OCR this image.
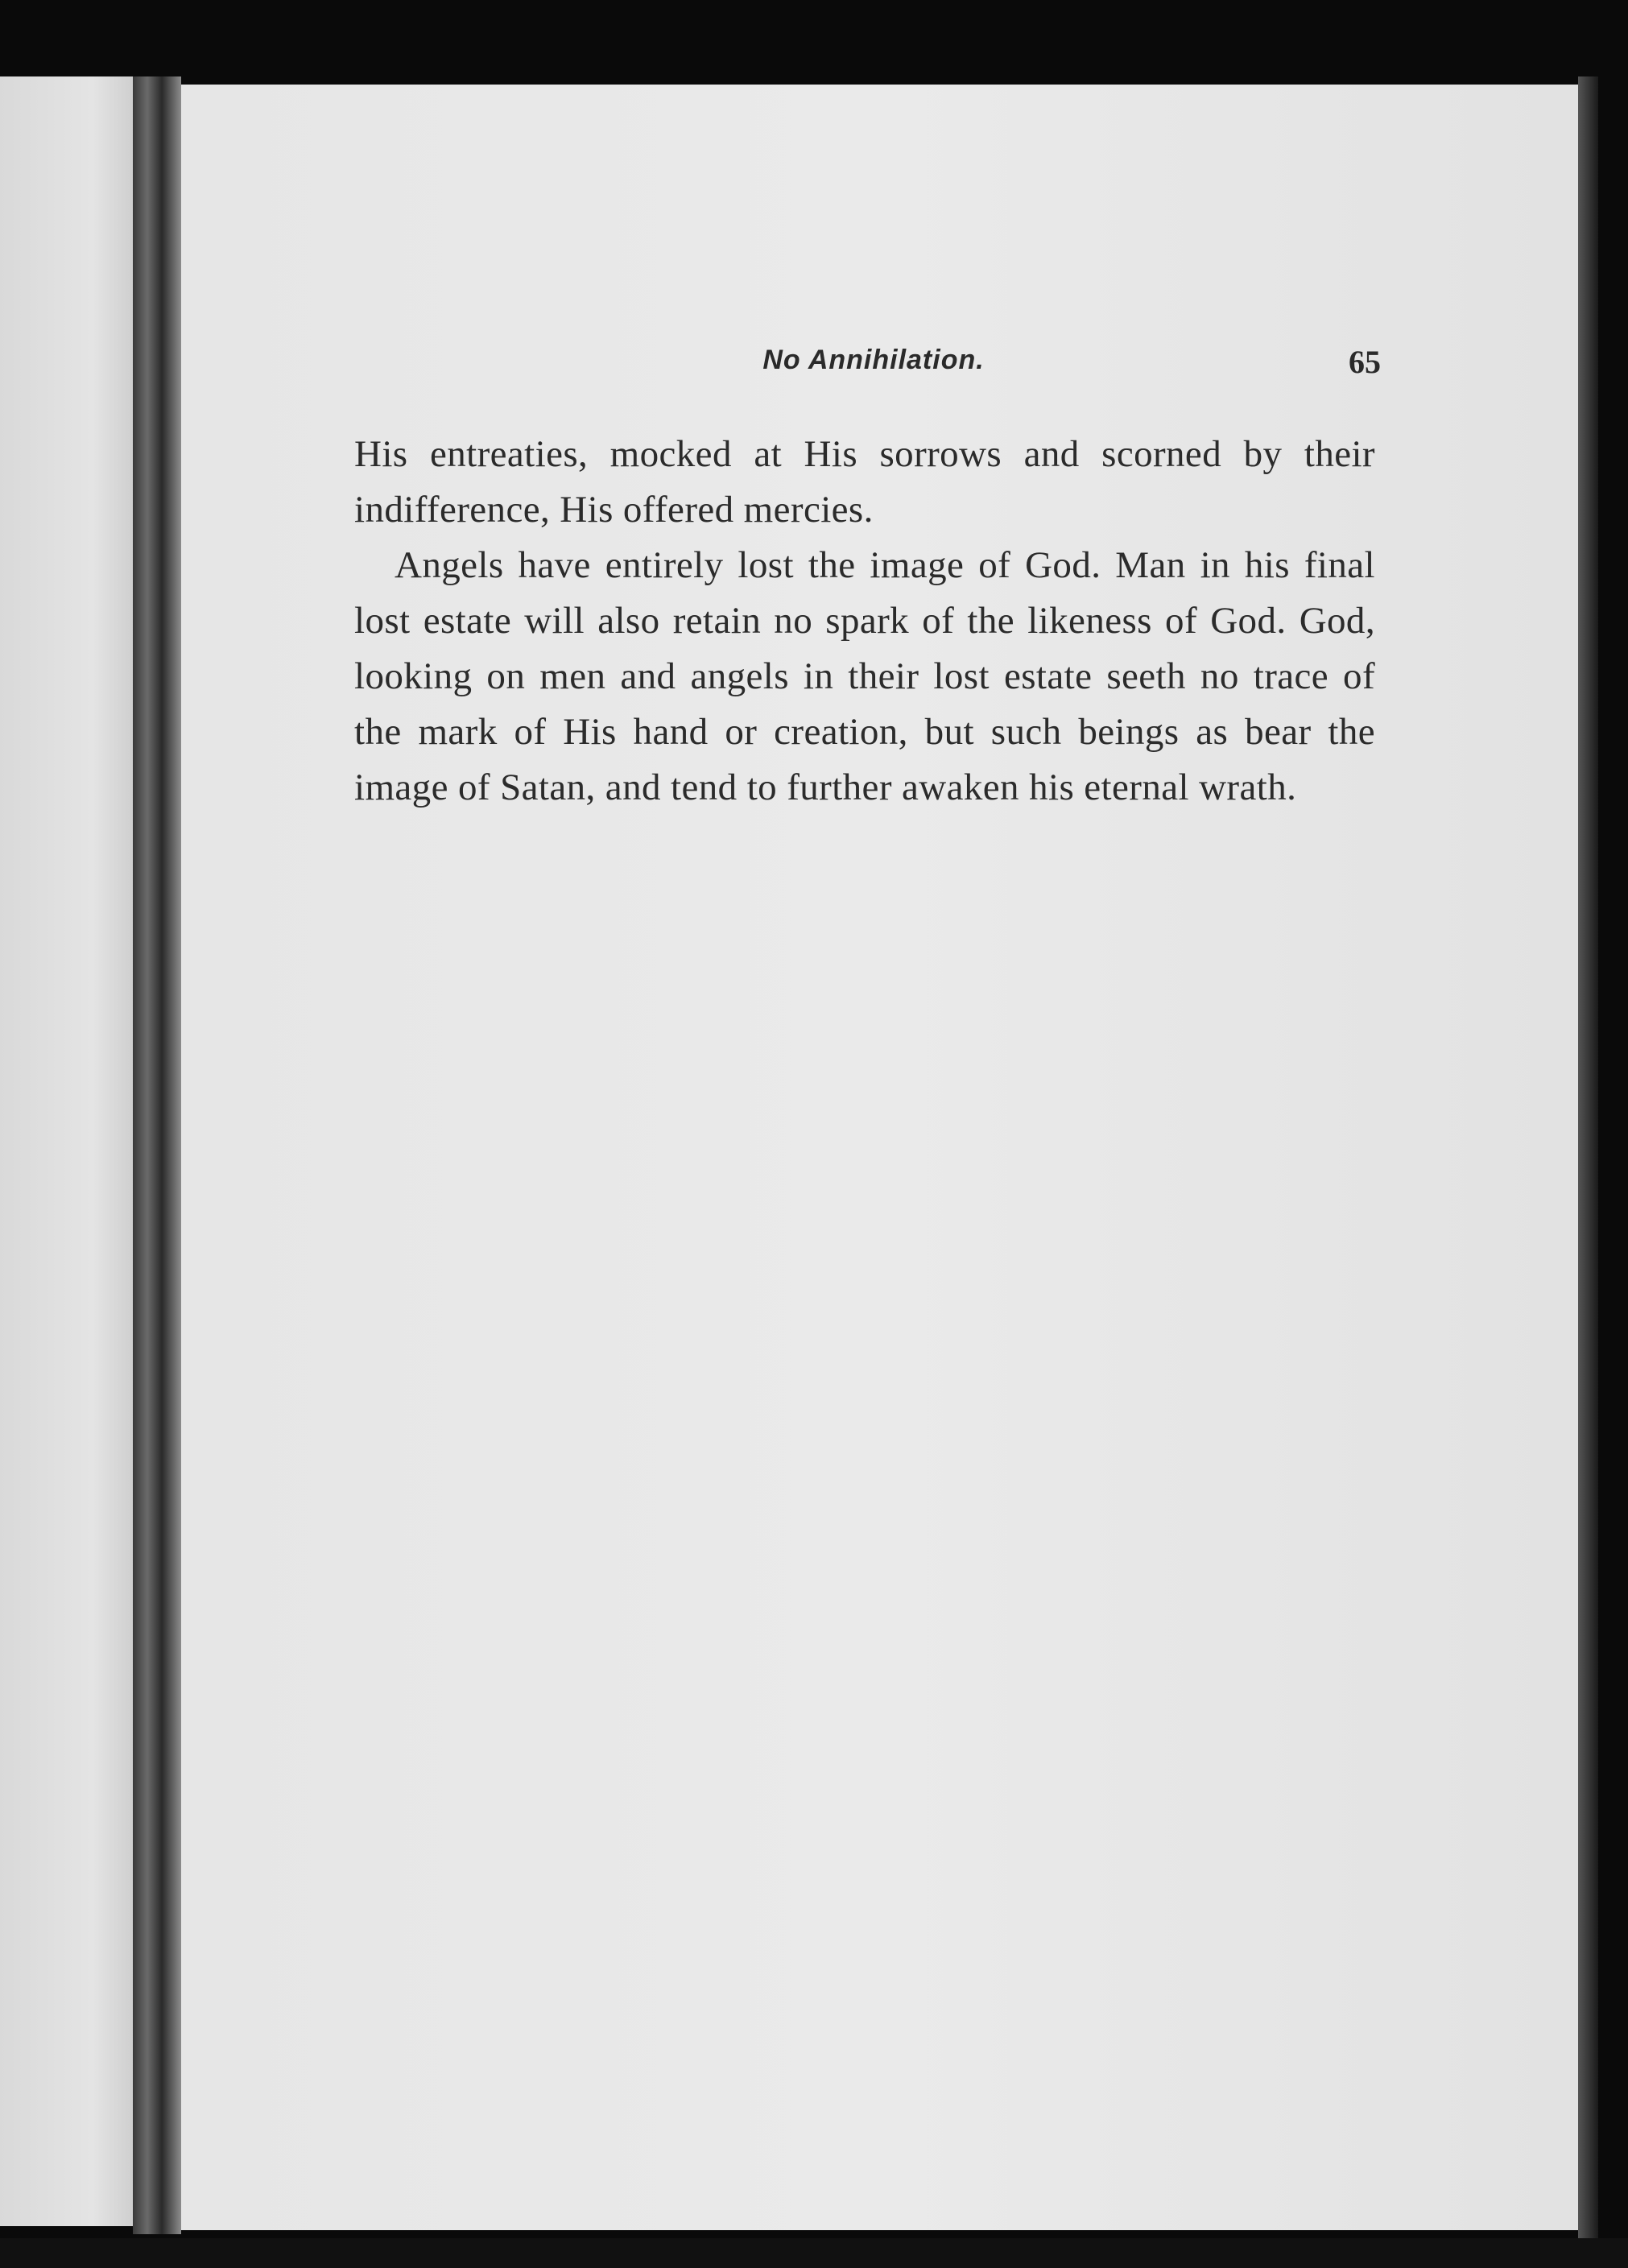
No Annihilation.	65

His entreaties, mocked at His sorrows and scorned by their indifference, His offered mercies.

Angels have entirely lost the image of God. Man in his final lost estate will also retain no spark of the likeness of God. God, looking on men and angels in their lost estate seeth no trace of the mark of His hand or creation, but such beings as bear the image of Satan, and tend to further awaken his eternal wrath.
